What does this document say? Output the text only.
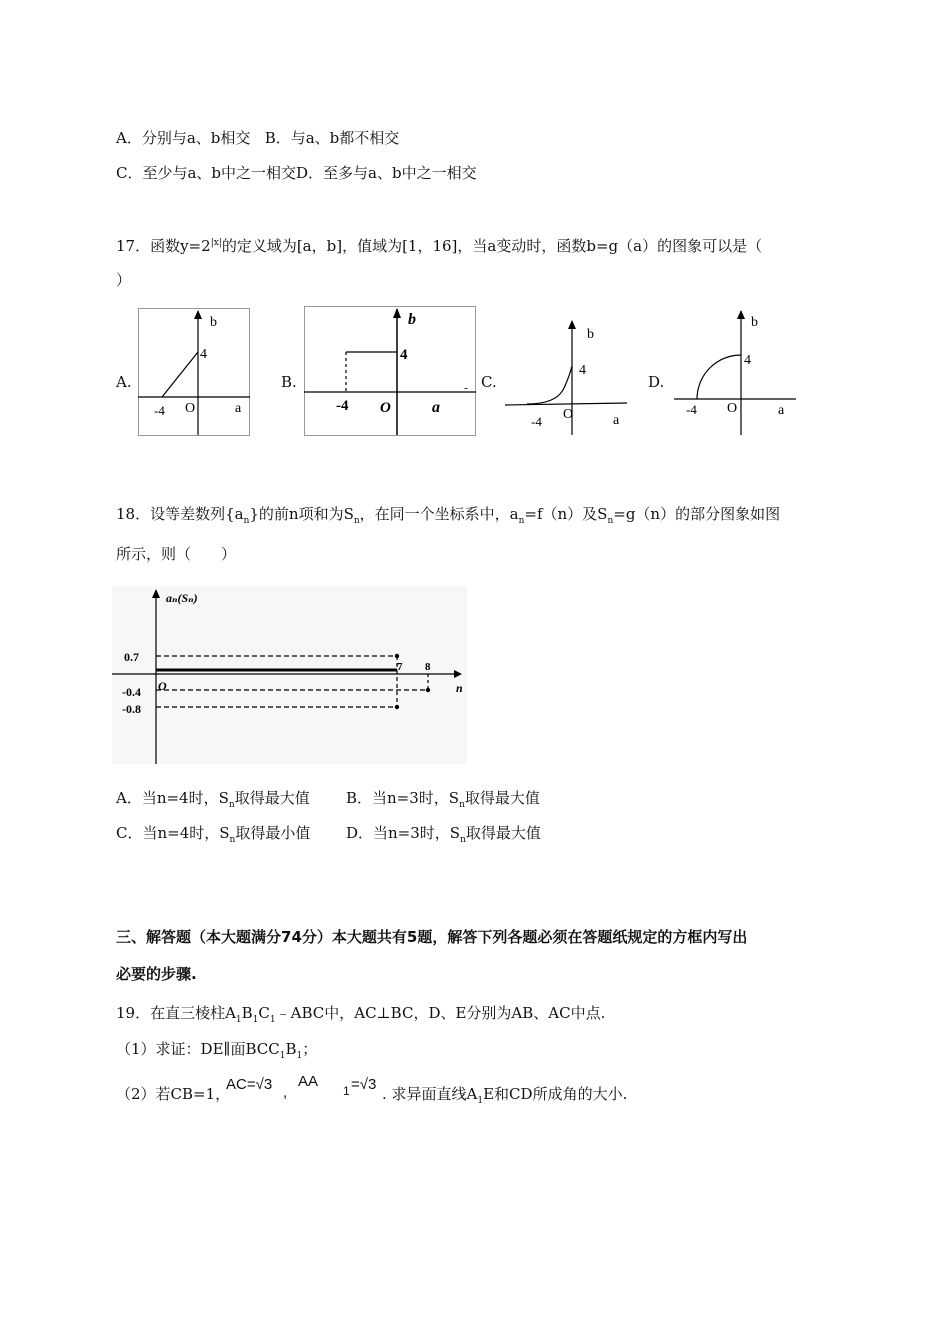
A．分别与a、b相交 B．与a、b都不相交
C．至少与a、b中之一相交D．至多与a、b中之一相交
17．函数$y=2^{|x|}$的定义域为[a，b]，值域为[1，16]，当a变动时，函数b=g（a）的图象可以是（
）
A.	B.	C.	D.
b
4
-4 O	a
b
4
-4 O	a
-
b
4
-4 O	a
b
4
-4 O	a
18．设等差数列$\{a_n\}$的前n项和为$S_n$，在同一个坐标系中，$a_n=f(n)$及$S_n=g(n)$的部分图象如图
所示，则（　　）
aₙ(Sₙ)
0.7
-0.4
-0.8
O
7 8
n
A．当n=4时，$S_n$取得最大值 B．当n=3时，$S_n$取得最大值
C．当n=4时，$S_n$取得最小值 D．当n=3时，$S_n$取得最大值
三、解答题（本大题满分74分）本大题共有5题，解答下列各题必须在答题纸规定的方框内写出
必要的步骤.
19．在直三棱柱$A_1B_1C_1﹣ABC$中，AC⊥BC，D、E分别为AB、AC中点.
（1）求证：DE∥面$BCC_1B_1$；
（2）若CB=1，
AC=√3 ,
AA
1 =√3
. 求异面直线$A_1E$和CD所成角的大小.
